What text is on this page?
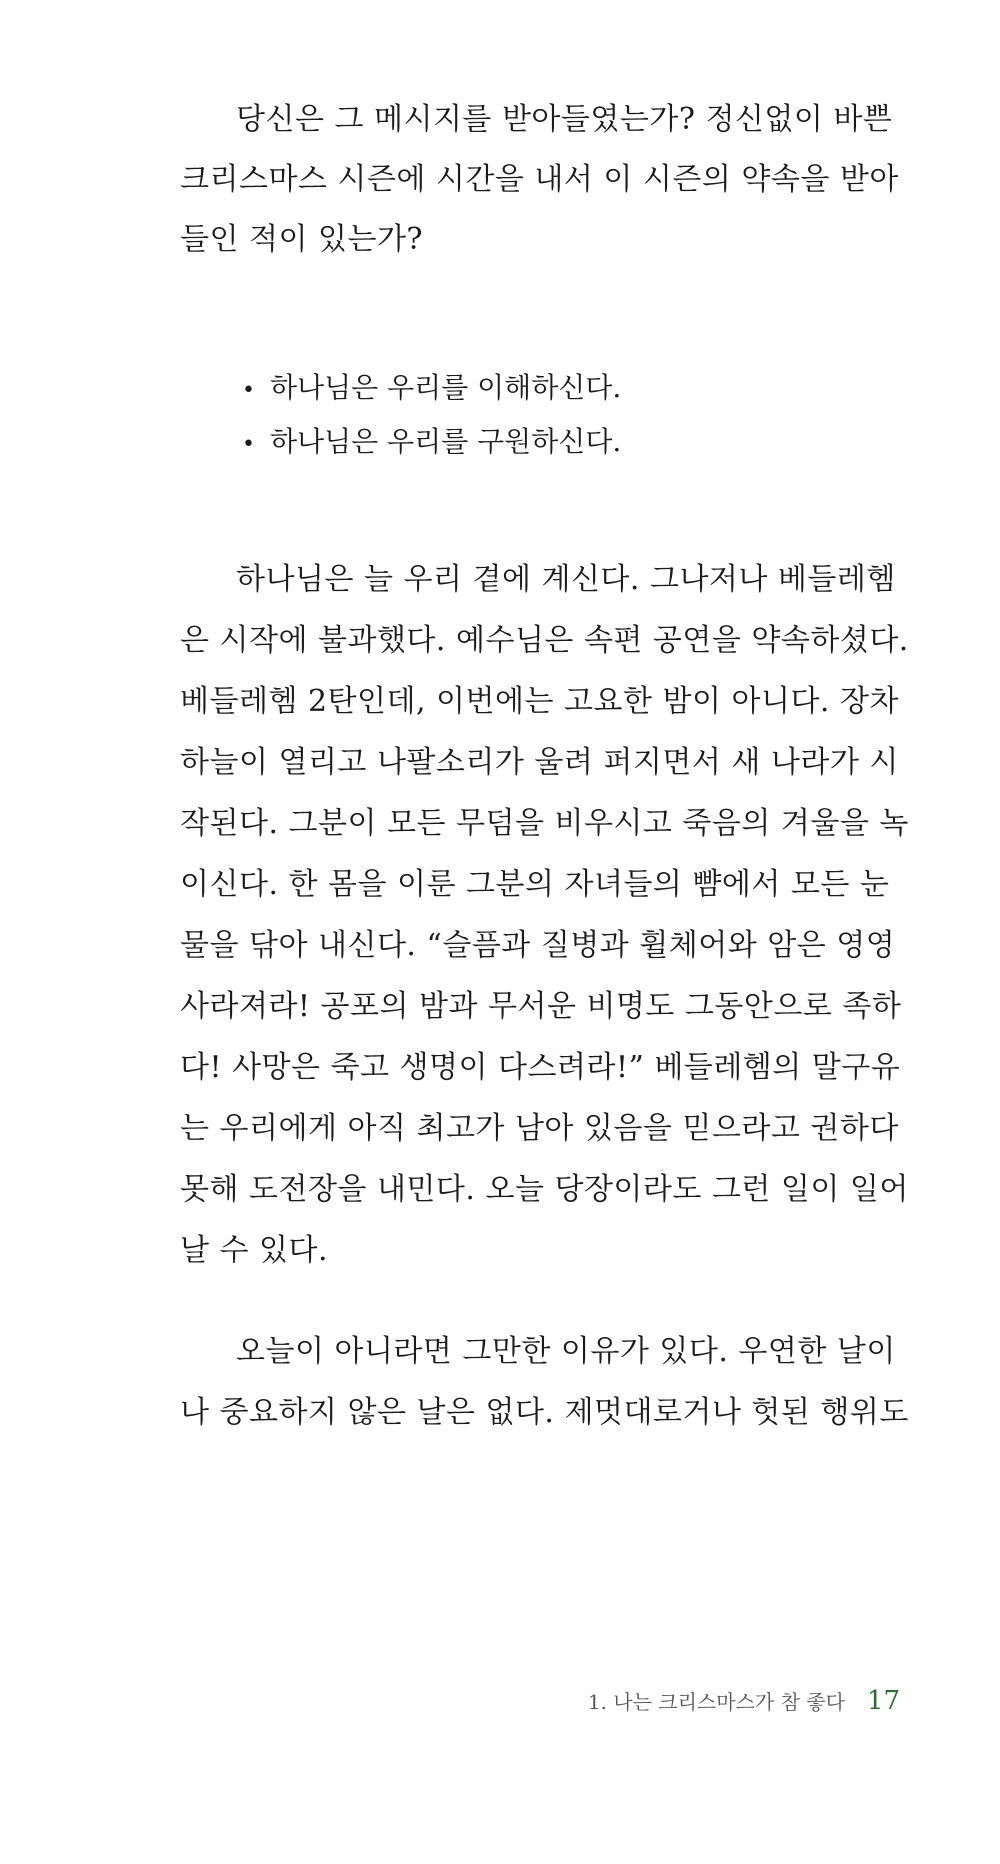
당신은 그 메시지를 받아들였는가? 정신없이 바쁜
크리스마스 시즌에 시간을 내서 이 시즌의 약속을 받아
들인 적이 있는가?
• 하나님은 우리를 이해하신다.
• 하나님은 우리를 구원하신다.
하나님은 늘 우리 곁에 계신다. 그나저나 베들레헴
은 시작에 불과했다. 예수님은 속편 공연을 약속하셨다.
베들레헴 2탄인데, 이번에는 고요한 밤이 아니다. 장차
하늘이 열리고 나팔소리가 울려 퍼지면서 새 나라가 시
작된다. 그분이 모든 무덤을 비우시고 죽음의 겨울을 녹
이신다. 한 몸을 이룬 그분의 자녀들의 뺨에서 모든 눈
물을 닦아 내신다. “슬픔과 질병과 휠체어와 암은 영영
사라져라! 공포의 밤과 무서운 비명도 그동안으로 족하
다! 사망은 죽고 생명이 다스려라!” 베들레헴의 말구유
는 우리에게 아직 최고가 남아 있음을 믿으라고 권하다
못해 도전장을 내민다. 오늘 당장이라도 그런 일이 일어
날 수 있다.
오늘이 아니라면 그만한 이유가 있다. 우연한 날이
나 중요하지 않은 날은 없다. 제멋대로거나 헛된 행위도
1. 나는 크리스마스가 참 좋다 17
